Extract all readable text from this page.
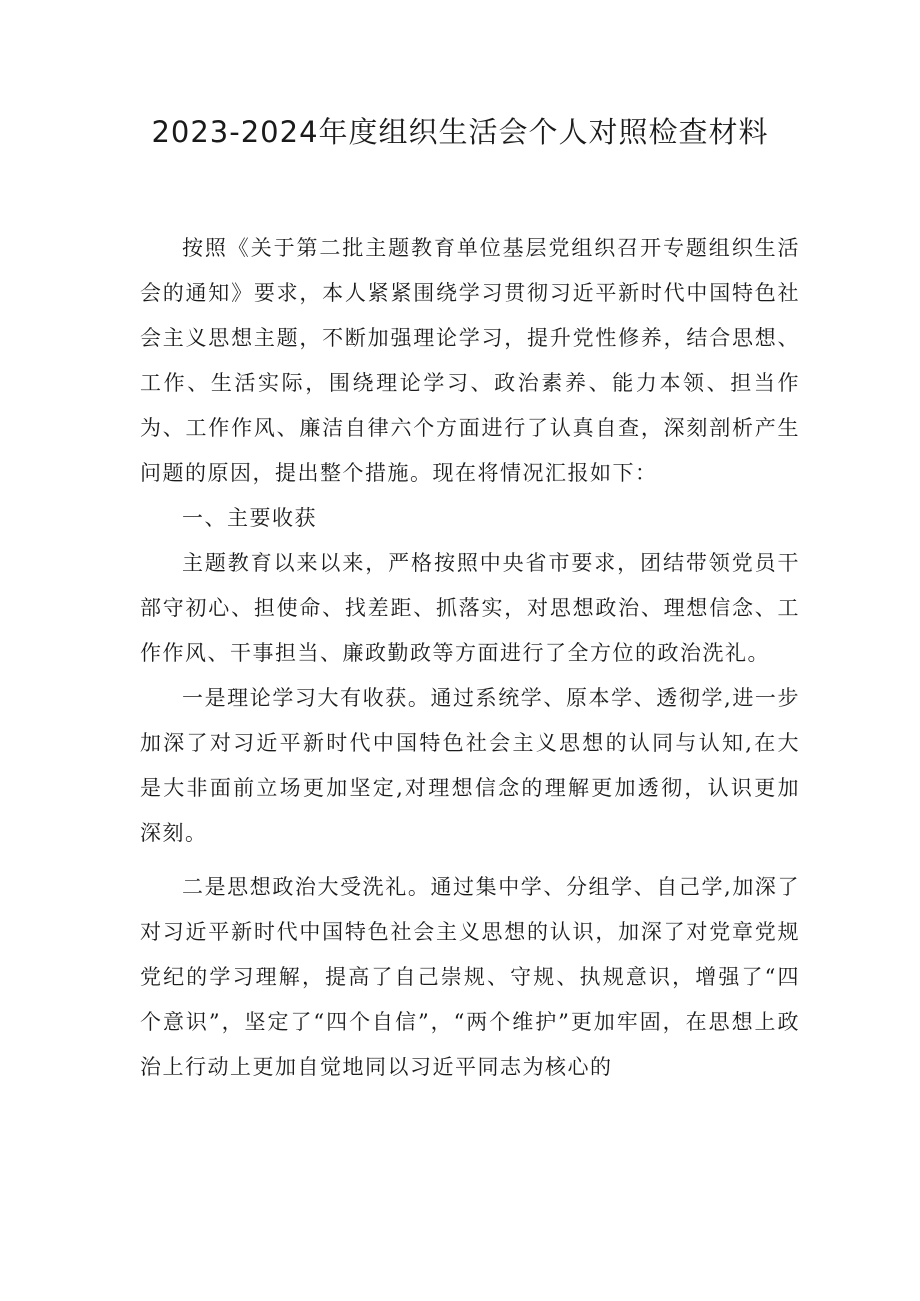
2023-2024年度组织生活会个人对照检查材料

按照《关于第二批主题教育单位基层党组织召开专题组织生活会的通知》要求，本人紧紧围绕学习贯彻习近平新时代中国特色社会主义思想主题，不断加强理论学习，提升党性修养，结合思想、工作、生活实际，围绕理论学习、政治素养、能力本领、担当作为、工作作风、廉洁自律六个方面进行了认真自查，深刻剖析产生问题的原因，提出整个措施。现在将情况汇报如下：

一、主要收获

主题教育以来以来，严格按照中央省市要求，团结带领党员干部守初心、担使命、找差距、抓落实，对思想政治、理想信念、工作作风、干事担当、廉政勤政等方面进行了全方位的政治洗礼。

一是理论学习大有收获。通过系统学、原本学、透彻学,进一步加深了对习近平新时代中国特色社会主义思想的认同与认知,在大是大非面前立场更加坚定,对理想信念的理解更加透彻，认识更加深刻。

二是思想政治大受洗礼。通过集中学、分组学、自己学,加深了对习近平新时代中国特色社会主义思想的认识，加深了对党章党规党纪的学习理解，提高了自己崇规、守规、执规意识，增强了“四个意识”，坚定了“四个自信”，“两个维护”更加牢固，在思想上政治上行动上更加自觉地同以习近平同志为核心的
